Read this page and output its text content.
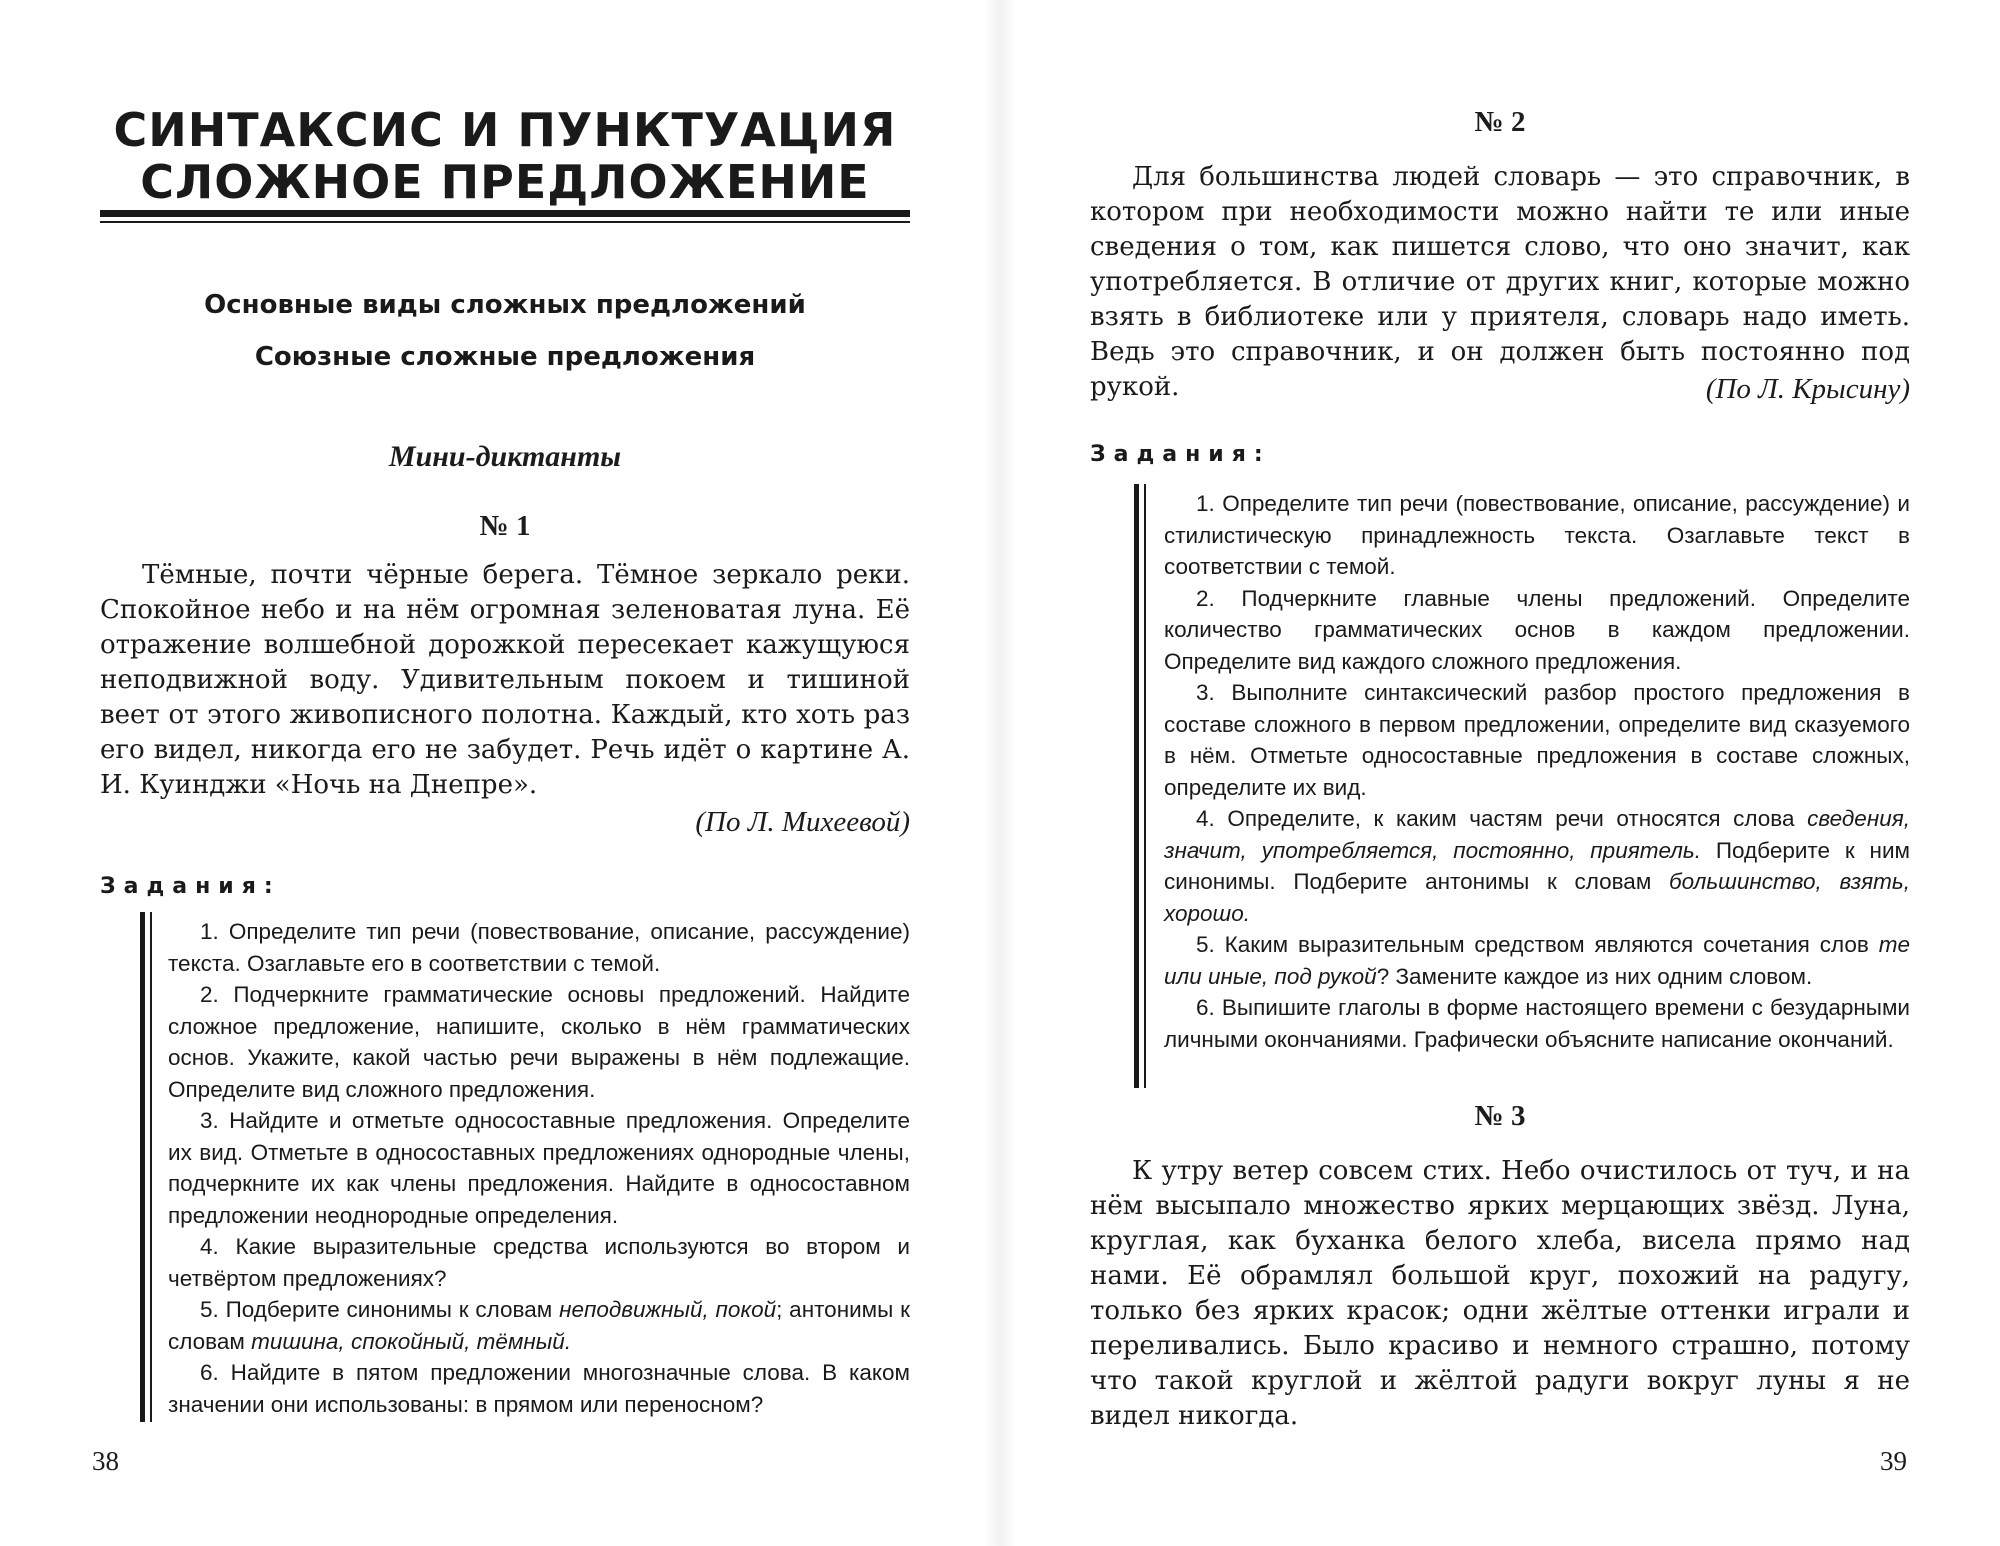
СИНТАКСИС И ПУНКТУАЦИЯ
СЛОЖНОЕ ПРЕДЛОЖЕНИЕ
Основные виды сложных предложений
Союзные сложные предложения
Мини-диктанты
№ 1

Тёмные, почти чёрные берега. Тёмное зеркало реки. Спокойное небо и на нём огромная зеленоватая луна. Её отражение волшебной дорожкой пересекает кажущуюся неподвижной воду. Удивительным покоем и тишиной веет от этого живописного полотна. Каждый, кто хоть раз его видел, никогда его не забудет. Речь идёт о картине А. И. Куинджи «Ночь на Днепре».

(По Л. Михеевой)
Задания:

1. Определите тип речи (повествование, описание, рассуждение) текста. Озаглавьте его в соответствии с темой.

2. Подчеркните грамматические основы предложений. Найдите сложное предложение, напишите, сколько в нём грамматических основ. Укажите, какой частью речи выражены в нём подлежащие. Определите вид сложного предложения.

3. Найдите и отметьте односоставные предложения. Определите их вид. Отметьте в односоставных предложениях однородные члены, подчеркните их как члены предложения. Найдите в односоставном предложении неоднородные определения.

4. Какие выразительные средства используются во втором и четвёртом предложениях?

5. Подберите синонимы к словам неподвижный, покой; антонимы к словам тишина, спокойный, тёмный.

6. Найдите в пятом предложении многозначные слова. В каком значении они использованы: в прямом или переносном?

38
№ 2

Для большинства людей словарь — это справочник, в котором при необходимости можно найти те или иные сведения о том, как пишется слово, что оно значит, как употребляется. В отличие от других книг, которые можно взять в библиотеке или у приятеля, словарь надо иметь. Ведь это справочник, и он должен быть постоянно под рукой.	(По Л. Крысину)
Задания:

1. Определите тип речи (повествование, описание, рассуждение) и стилистическую принадлежность текста. Озаглавьте текст в соответствии с темой.

2. Подчеркните главные члены предложений. Определите количество грамматических основ в каждом предложении. Определите вид каждого сложного предложения.

3. Выполните синтаксический разбор простого предложения в составе сложного в первом предложении, определите вид сказуемого в нём. Отметьте односоставные предложения в составе сложных, определите их вид.

4. Определите, к каким частям речи относятся слова сведения, значит, употребляется, постоянно, приятель. Подберите к ним синонимы. Подберите антонимы к словам большинство, взять, хорошо.

5. Каким выразительным средством являются сочетания слов те или иные, под рукой? Замените каждое из них одним словом.

6. Выпишите глаголы в форме настоящего времени с безударными личными окончаниями. Графически объясните написание окончаний.

№ 3

К утру ветер совсем стих. Небо очистилось от туч, и на нём высыпало множество ярких мерцающих звёзд. Луна, круглая, как буханка белого хлеба, висела прямо над нами. Её обрамлял большой круг, похожий на радугу, только без ярких красок; одни жёлтые оттенки играли и переливались. Было красиво и немного страшно, потому что такой круглой и жёлтой радуги вокруг луны я не видел никогда.

39
